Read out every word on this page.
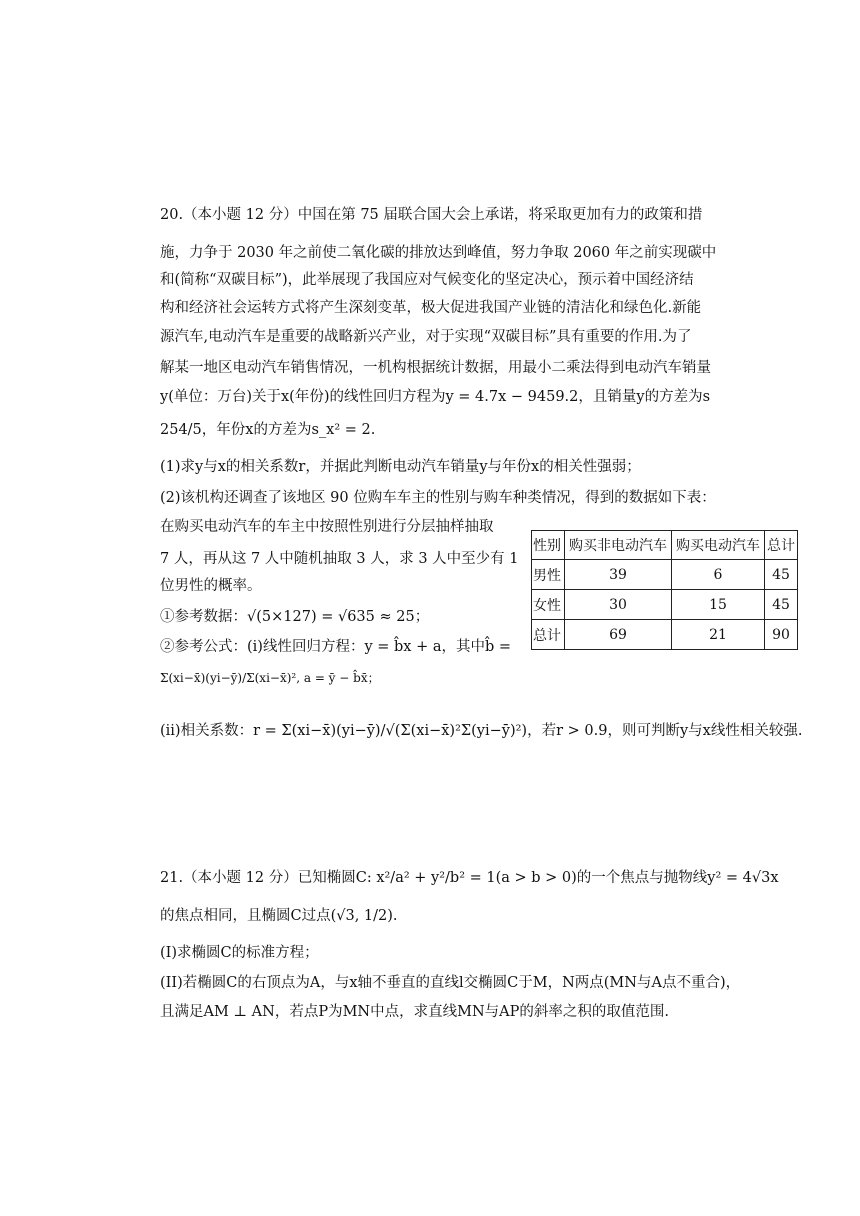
20.（本小题 12 分）中国在第 75 届联合国大会上承诺，将采取更加有力的政策和措
施，力争于 2030 年之前使二氧化碳的排放达到峰值，努力争取 2060 年之前实现碳中
和(简称“双碳目标”)，此举展现了我国应对气候变化的坚定决心，预示着中国经济结
构和经济社会运转方式将产生深刻变革，极大促进我国产业链的清洁化和绿色化.新能
源汽车,电动汽车是重要的战略新兴产业，对于实现“双碳目标”具有重要的作用.为了
解某一地区电动汽车销售情况，一机构根据统计数据，用最小二乘法得到电动汽车销量
y(单位：万台)关于x(年份)的线性回归方程为y = 4.7x − 9459.2，且销量y的方差为s
254/5，年份x的方差为s_x² = 2.
(1)求y与x的相关系数r，并据此判断电动汽车销量y与年份x的相关性强弱；
(2)该机构还调查了该地区 90 位购车车主的性别与购车种类情况，得到的数据如下表：
在购买电动汽车的车主中按照性别进行分层抽样抽取
7 人，再从这 7 人中随机抽取 3 人，求 3 人中至少有 1
位男性的概率。
①参考数据：√(5×127) = √635 ≈ 25；
②参考公式：(i)线性回归方程：y = b̂x + a，其中b̂ =
Σ(xi−x̄)(yi−ȳ)/Σ(xi−x̄)², a = ȳ − b̂x̄；
(ii)相关系数：r = Σ(xi−x̄)(yi−ȳ)/√(Σ(xi−x̄)²Σ(yi−ȳ)²)，若r > 0.9，则可判断y与x线性相关较强.
性别	购买非电动汽车	购买电动汽车	总计
男性	39	6	45
女性	30	15	45
总计	69	21	90
21.（本小题 12 分）已知椭圆C: x²/a² + y²/b² = 1(a > b > 0)的一个焦点与抛物线y² = 4√3x
的焦点相同，且椭圆C过点(√3, 1/2).
(I)求椭圆C的标准方程；
(II)若椭圆C的右顶点为A，与x轴不垂直的直线l交椭圆C于M，N两点(MN与A点不重合)，
且满足AM ⊥ AN，若点P为MN中点，求直线MN与AP的斜率之积的取值范围.
